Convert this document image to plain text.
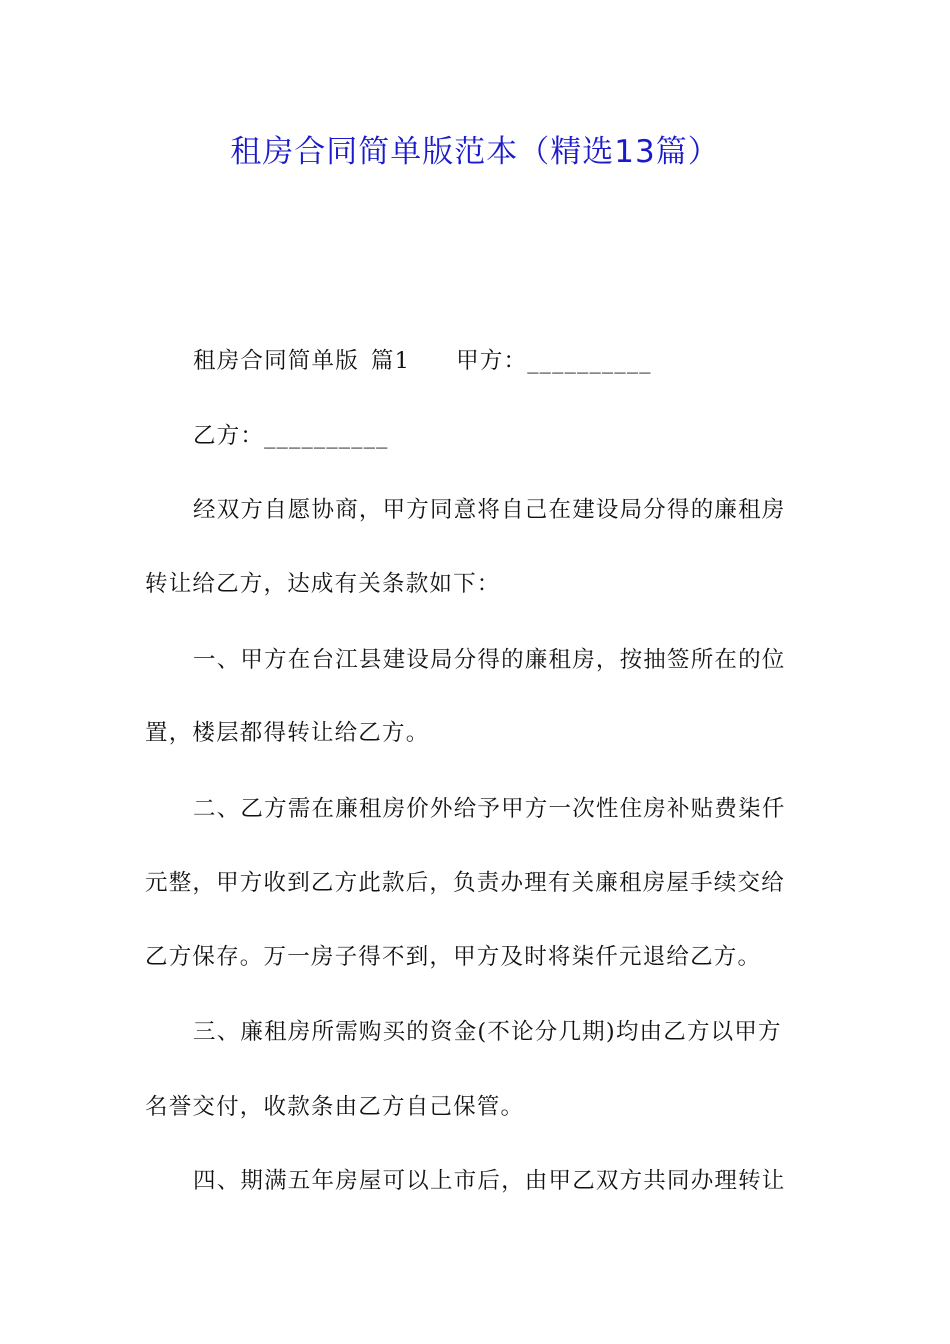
租房合同简单版范本（精选13篇）
租房合同简单版 篇1 甲方：__________
乙方：__________
经双方自愿协商，甲方同意将自己在建设局分得的廉租房
转让给乙方，达成有关条款如下：
一、甲方在台江县建设局分得的廉租房，按抽签所在的位
置，楼层都得转让给乙方。
二、乙方需在廉租房价外给予甲方一次性住房补贴费柒仟
元整，甲方收到乙方此款后，负责办理有关廉租房屋手续交给
乙方保存。万一房子得不到，甲方及时将柒仟元退给乙方。
三、廉租房所需购买的资金(不论分几期)均由乙方以甲方
名誉交付，收款条由乙方自己保管。
四、期满五年房屋可以上市后，由甲乙双方共同办理转让
